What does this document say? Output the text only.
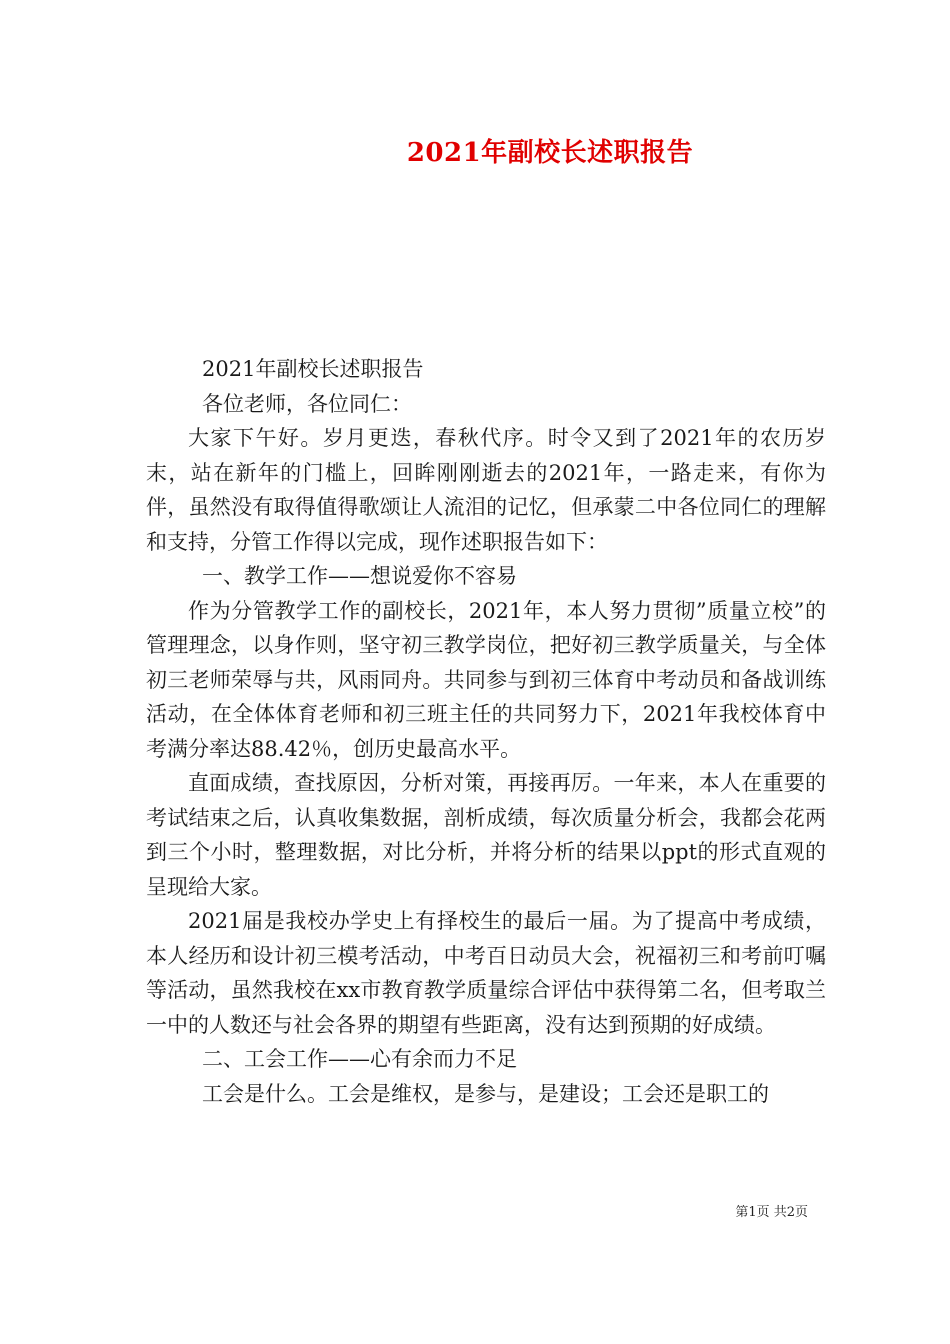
2021年副校长述职报告

2021年副校长述职报告

各位老师，各位同仁：

大家下午好。岁月更迭，春秋代序。时令又到了2021年的农历岁末，站在新年的门槛上，回眸刚刚逝去的2021年，一路走来，有你为伴，虽然没有取得值得歌颂让人流泪的记忆，但承蒙二中各位同仁的理解和支持，分管工作得以完成，现作述职报告如下：

一、教学工作——想说爱你不容易

作为分管教学工作的副校长，2021年，本人努力贯彻”质量立校”的管理理念，以身作则，坚守初三教学岗位，把好初三教学质量关，与全体初三老师荣辱与共，风雨同舟。共同参与到初三体育中考动员和备战训练活动，在全体体育老师和初三班主任的共同努力下，2021年我校体育中考满分率达88.42％，创历史最高水平。

直面成绩，查找原因，分析对策，再接再厉。一年来，本人在重要的考试结束之后，认真收集数据，剖析成绩，每次质量分析会，我都会花两到三个小时，整理数据，对比分析，并将分析的结果以ppt的形式直观的呈现给大家。

2021届是我校办学史上有择校生的最后一届。为了提高中考成绩，本人经历和设计初三模考活动，中考百日动员大会，祝福初三和考前叮嘱等活动，虽然我校在xx市教育教学质量综合评估中获得第二名，但考取兰一中的人数还与社会各界的期望有些距离，没有达到预期的好成绩。

二、工会工作——心有余而力不足

工会是什么。工会是维权，是参与，是建设；工会还是职工的

第1页 共2页
